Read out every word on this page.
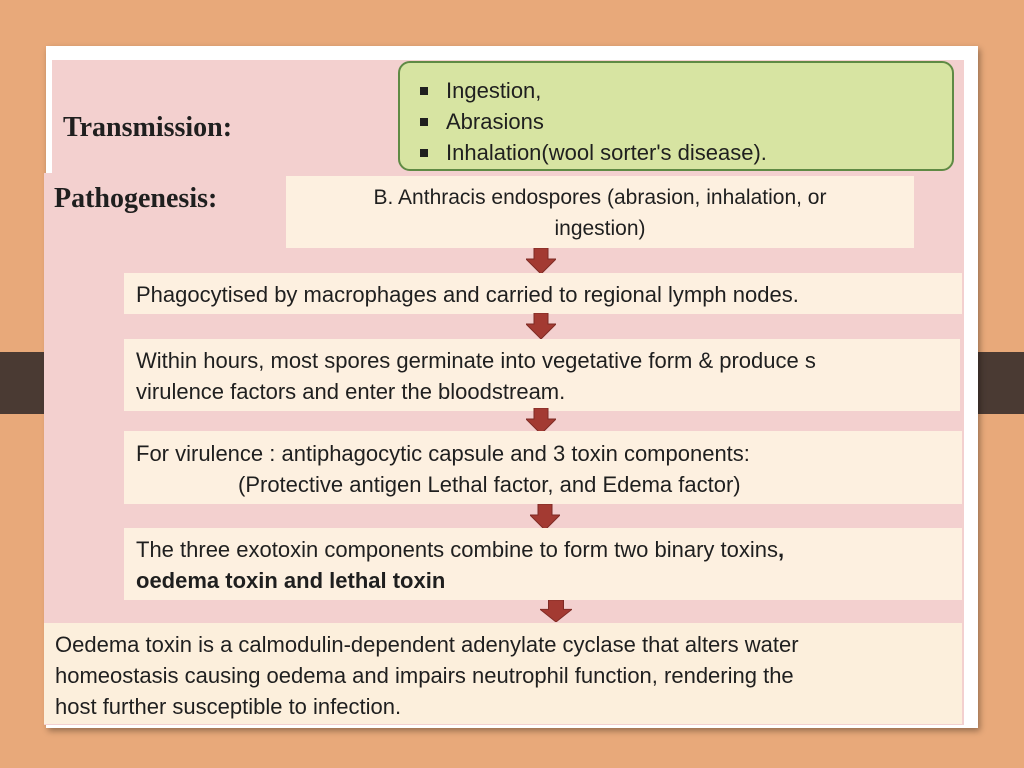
Transmission:
Ingestion,
Abrasions
Inhalation(wool sorter's disease).
Pathogenesis:	B. Anthracis endospores (abrasion, inhalation, or
ingestion)
Phagocytised by macrophages and carried to regional lymph nodes.
Within hours, most spores germinate into vegetative form & produce s
virulence factors and enter the bloodstream.
For virulence : antiphagocytic capsule and 3 toxin components:
(Protective antigen Lethal factor, and Edema factor)
The three exotoxin components combine to form two binary toxins,
oedema toxin and lethal toxin
Oedema toxin is a calmodulin-dependent adenylate cyclase that alters water
homeostasis causing oedema and impairs neutrophil function, rendering the
host further susceptible to infection.
